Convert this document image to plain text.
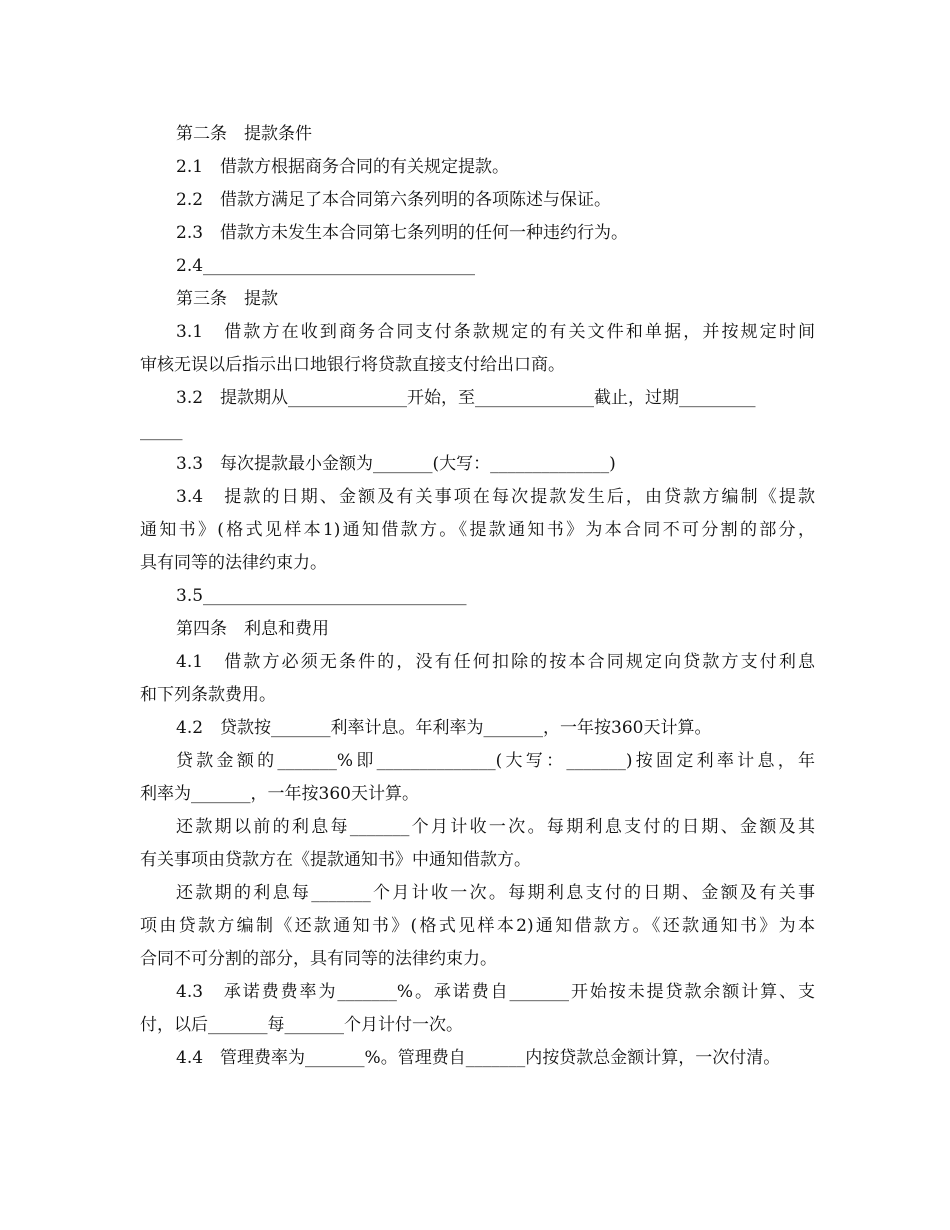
第二条　提款条件
2.1　借款方根据商务合同的有关规定提款。
2.2　借款方满足了本合同第六条列明的各项陈述与保证。
2.3　借款方未发生本合同第七条列明的任何一种违约行为。
2.4________________________________
第三条　提款
3.1　借款方在收到商务合同支付条款规定的有关文件和单据，并按规定时间
审核无误以后指示出口地银行将贷款直接支付给出口商。
3.2　提款期从______________开始，至______________截止，过期_________
_____
3.3　每次提款最小金额为_______(大写：______________)
3.4　提款的日期、金额及有关事项在每次提款发生后，由贷款方编制《提款
通知书》(格式见样本1)通知借款方。《提款通知书》为本合同不可分割的部分，
具有同等的法律约束力。
3.5_______________________________
第四条　利息和费用
4.1　借款方必须无条件的，没有任何扣除的按本合同规定向贷款方支付利息
和下列条款费用。
4.2　贷款按_______利率计息。年利率为_______，一年按360天计算。
贷款金额的_______%即______________(大写：_______)按固定利率计息，年
利率为_______，一年按360天计算。
还款期以前的利息每_______个月计收一次。每期利息支付的日期、金额及其
有关事项由贷款方在《提款通知书》中通知借款方。
还款期的利息每_______个月计收一次。每期利息支付的日期、金额及有关事
项由贷款方编制《还款通知书》(格式见样本2)通知借款方。《还款通知书》为本
合同不可分割的部分，具有同等的法律约束力。
4.3　承诺费费率为_______%。承诺费自_______开始按未提贷款余额计算、支
付，以后_______每_______个月计付一次。
4.4　管理费率为_______%。管理费自_______内按贷款总金额计算，一次付清。
